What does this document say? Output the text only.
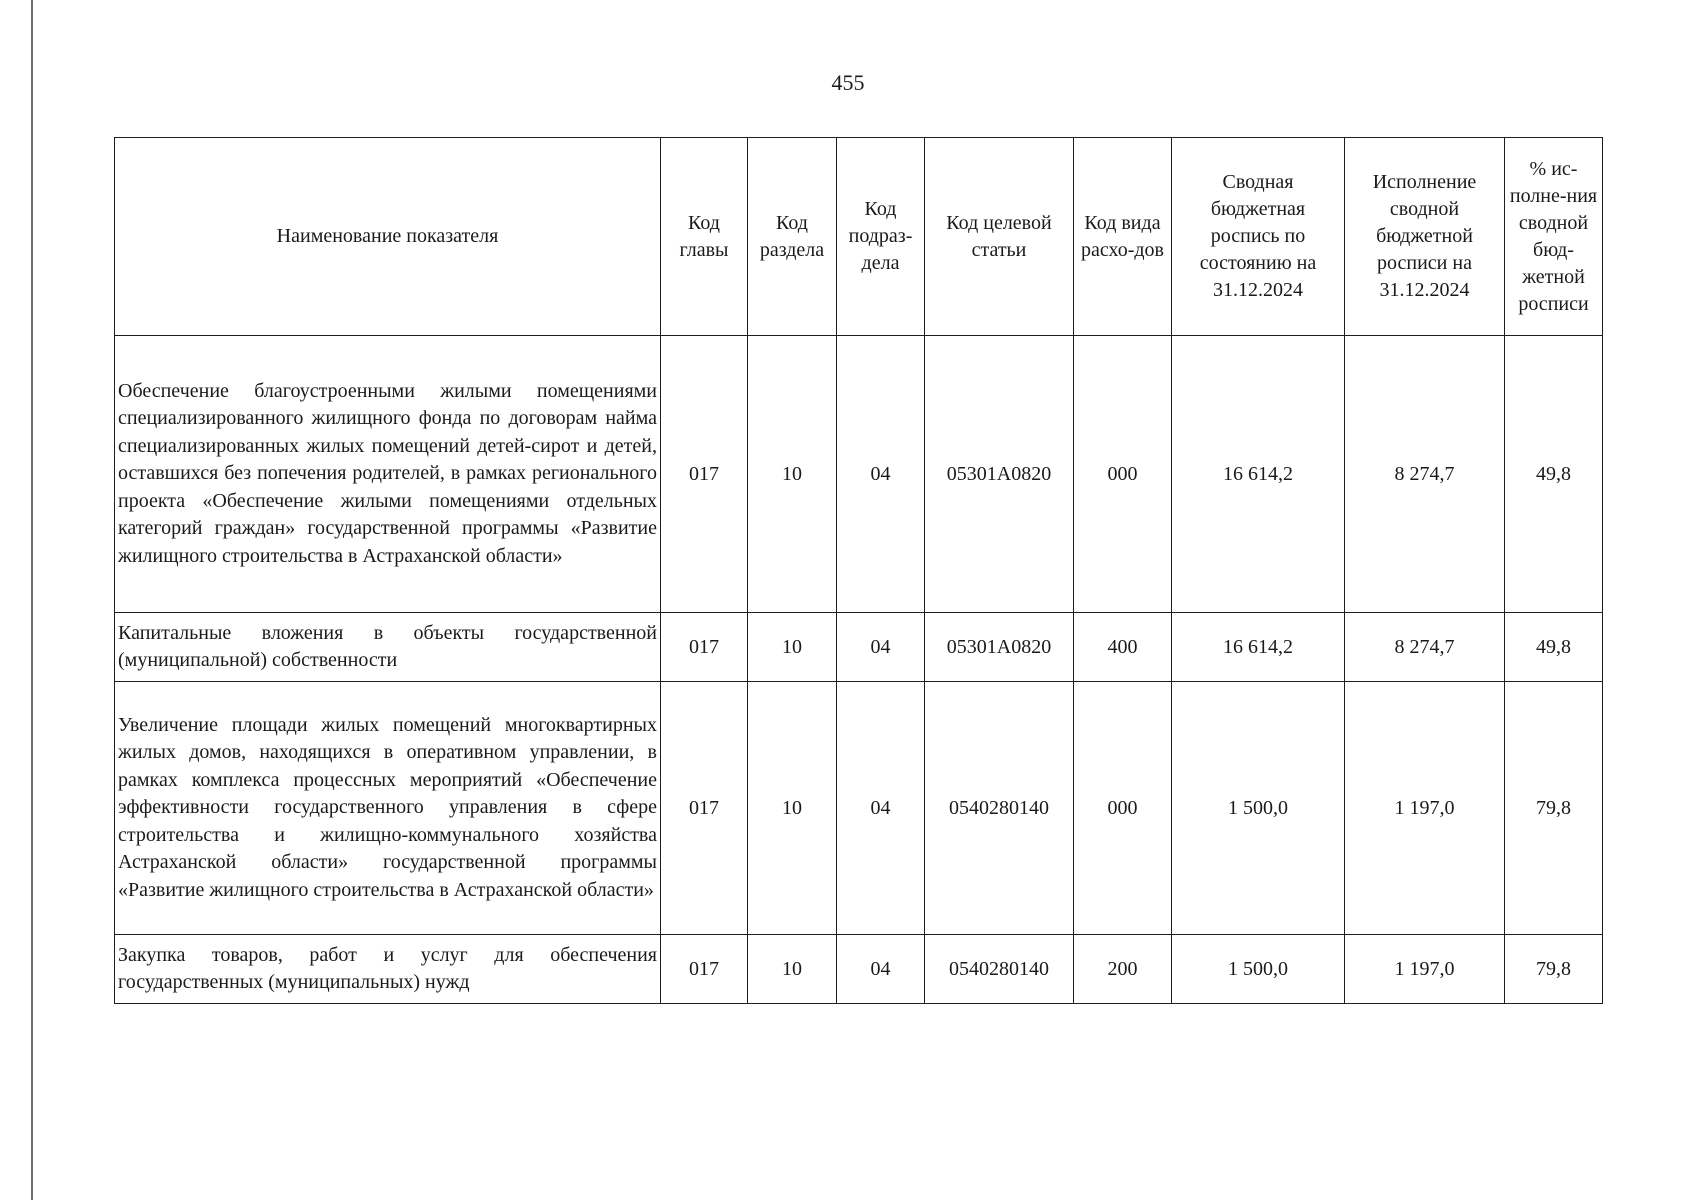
455
Наименование показателя	Код главы	Код раздела	Код подраз-дела	Код целевой статьи	Код вида расхо-дов	Сводная бюджетная роспись по состоянию на 31.12.2024	Исполнение сводной бюджетной росписи на 31.12.2024	% ис-полне-ния сводной бюд-жетной росписи
Обеспечение благоустроенными жилыми помещениями специализированного жилищного фонда по договорам найма специализированных жилых помещений детей-сирот и детей, оставшихся без попечения родителей, в рамках регионального проекта «Обеспечение жилыми помещениями отдельных категорий граждан» государственной программы «Развитие жилищного строительства в Астраханской области»	017	10	04	05301А0820	000	16 614,2	8 274,7	49,8
Капитальные вложения в объекты государственной (муниципальной) собственности	017	10	04	05301А0820	400	16 614,2	8 274,7	49,8
Увеличение площади жилых помещений многоквартирных жилых домов, находящихся в оперативном управлении, в рамках комплекса процессных мероприятий «Обеспечение эффективности государственного управления в сфере строительства и жилищно-коммунального хозяйства Астраханской области» государственной программы «Развитие жилищного строительства в Астраханской области»	017	10	04	0540280140	000	1 500,0	1 197,0	79,8
Закупка товаров, работ и услуг для обеспечения государственных (муниципальных) нужд	017	10	04	0540280140	200	1 500,0	1 197,0	79,8
